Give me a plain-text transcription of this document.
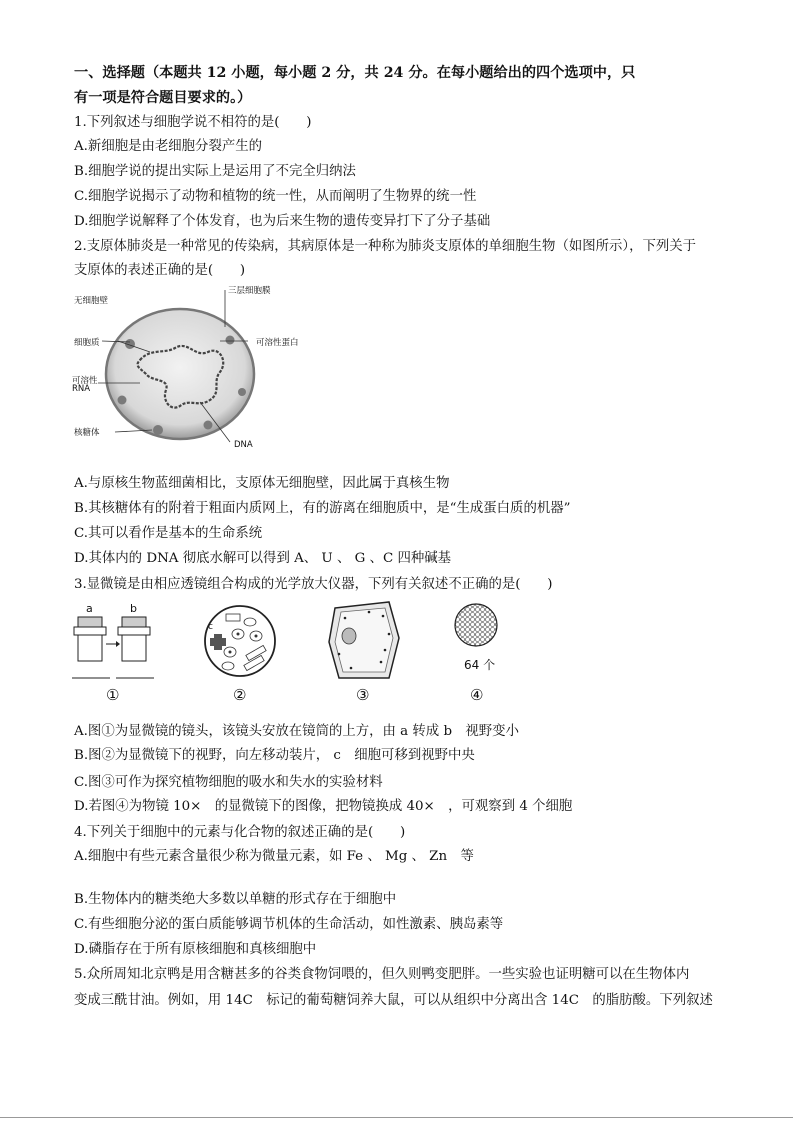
一、选择题（本题共 12 小题，每小题 2 分，共 24 分。在每小题给出的四个选项中，只
有一项是符合题目要求的。）
1.下列叙述与细胞学说不相符的是(　　)
A.新细胞是由老细胞分裂产生的
B.细胞学说的提出实际上是运用了不完全归纳法
C.细胞学说揭示了动物和植物的统一性，从而阐明了生物界的统一性
D.细胞学说解释了个体发育，也为后来生物的遗传变异打下了分子基础
2.支原体肺炎是一种常见的传染病，其病原体是一种称为肺炎支原体的单细胞生物（如图所示），下列关于
支原体的表述正确的是(　　)
无细胞壁
三层细胞膜
细胞质	可溶性蛋白
可溶性
RNA
核糖体
DNA
A.与原核生物蓝细菌相比，支原体无细胞壁，因此属于真核生物
B.其核糖体有的附着于粗面内质网上，有的游离在细胞质中，是“生成蛋白质的机器”
C.其可以看作是基本的生命系统
D.其体内的 DNA 彻底水解可以得到 A、 U 、 G 、C 四种碱基
3.显微镜是由相应透镜组合构成的光学放大仪器，下列有关叙述不正确的是(　　)
a	b
①
c
②	③
64 个
④
A.图①为显微镜的镜头，该镜头安放在镜筒的上方，由 a 转成 b　视野变小
B.图②为显微镜下的视野，向左移动装片， c　细胞可移到视野中央
C.图③可作为探究植物细胞的吸水和失水的实验材料
D.若图④为物镜 10×　的显微镜下的图像，把物镜换成 40×　，可观察到 4 个细胞
4.下列关于细胞中的元素与化合物的叙述正确的是(　　)
A.细胞中有些元素含量很少称为微量元素，如 Fe 、 Mg 、 Zn　等
B.生物体内的糖类绝大多数以单糖的形式存在于细胞中
C.有些细胞分泌的蛋白质能够调节机体的生命活动，如性激素、胰岛素等
D.磷脂存在于所有原核细胞和真核细胞中
5.众所周知北京鸭是用含糖甚多的谷类食物饲喂的，但久则鸭变肥胖。一些实验也证明糖可以在生物体内
变成三酰甘油。例如，用 14C　标记的葡萄糖饲养大鼠，可以从组织中分离出含 14C　的脂肪酸。下列叙述
